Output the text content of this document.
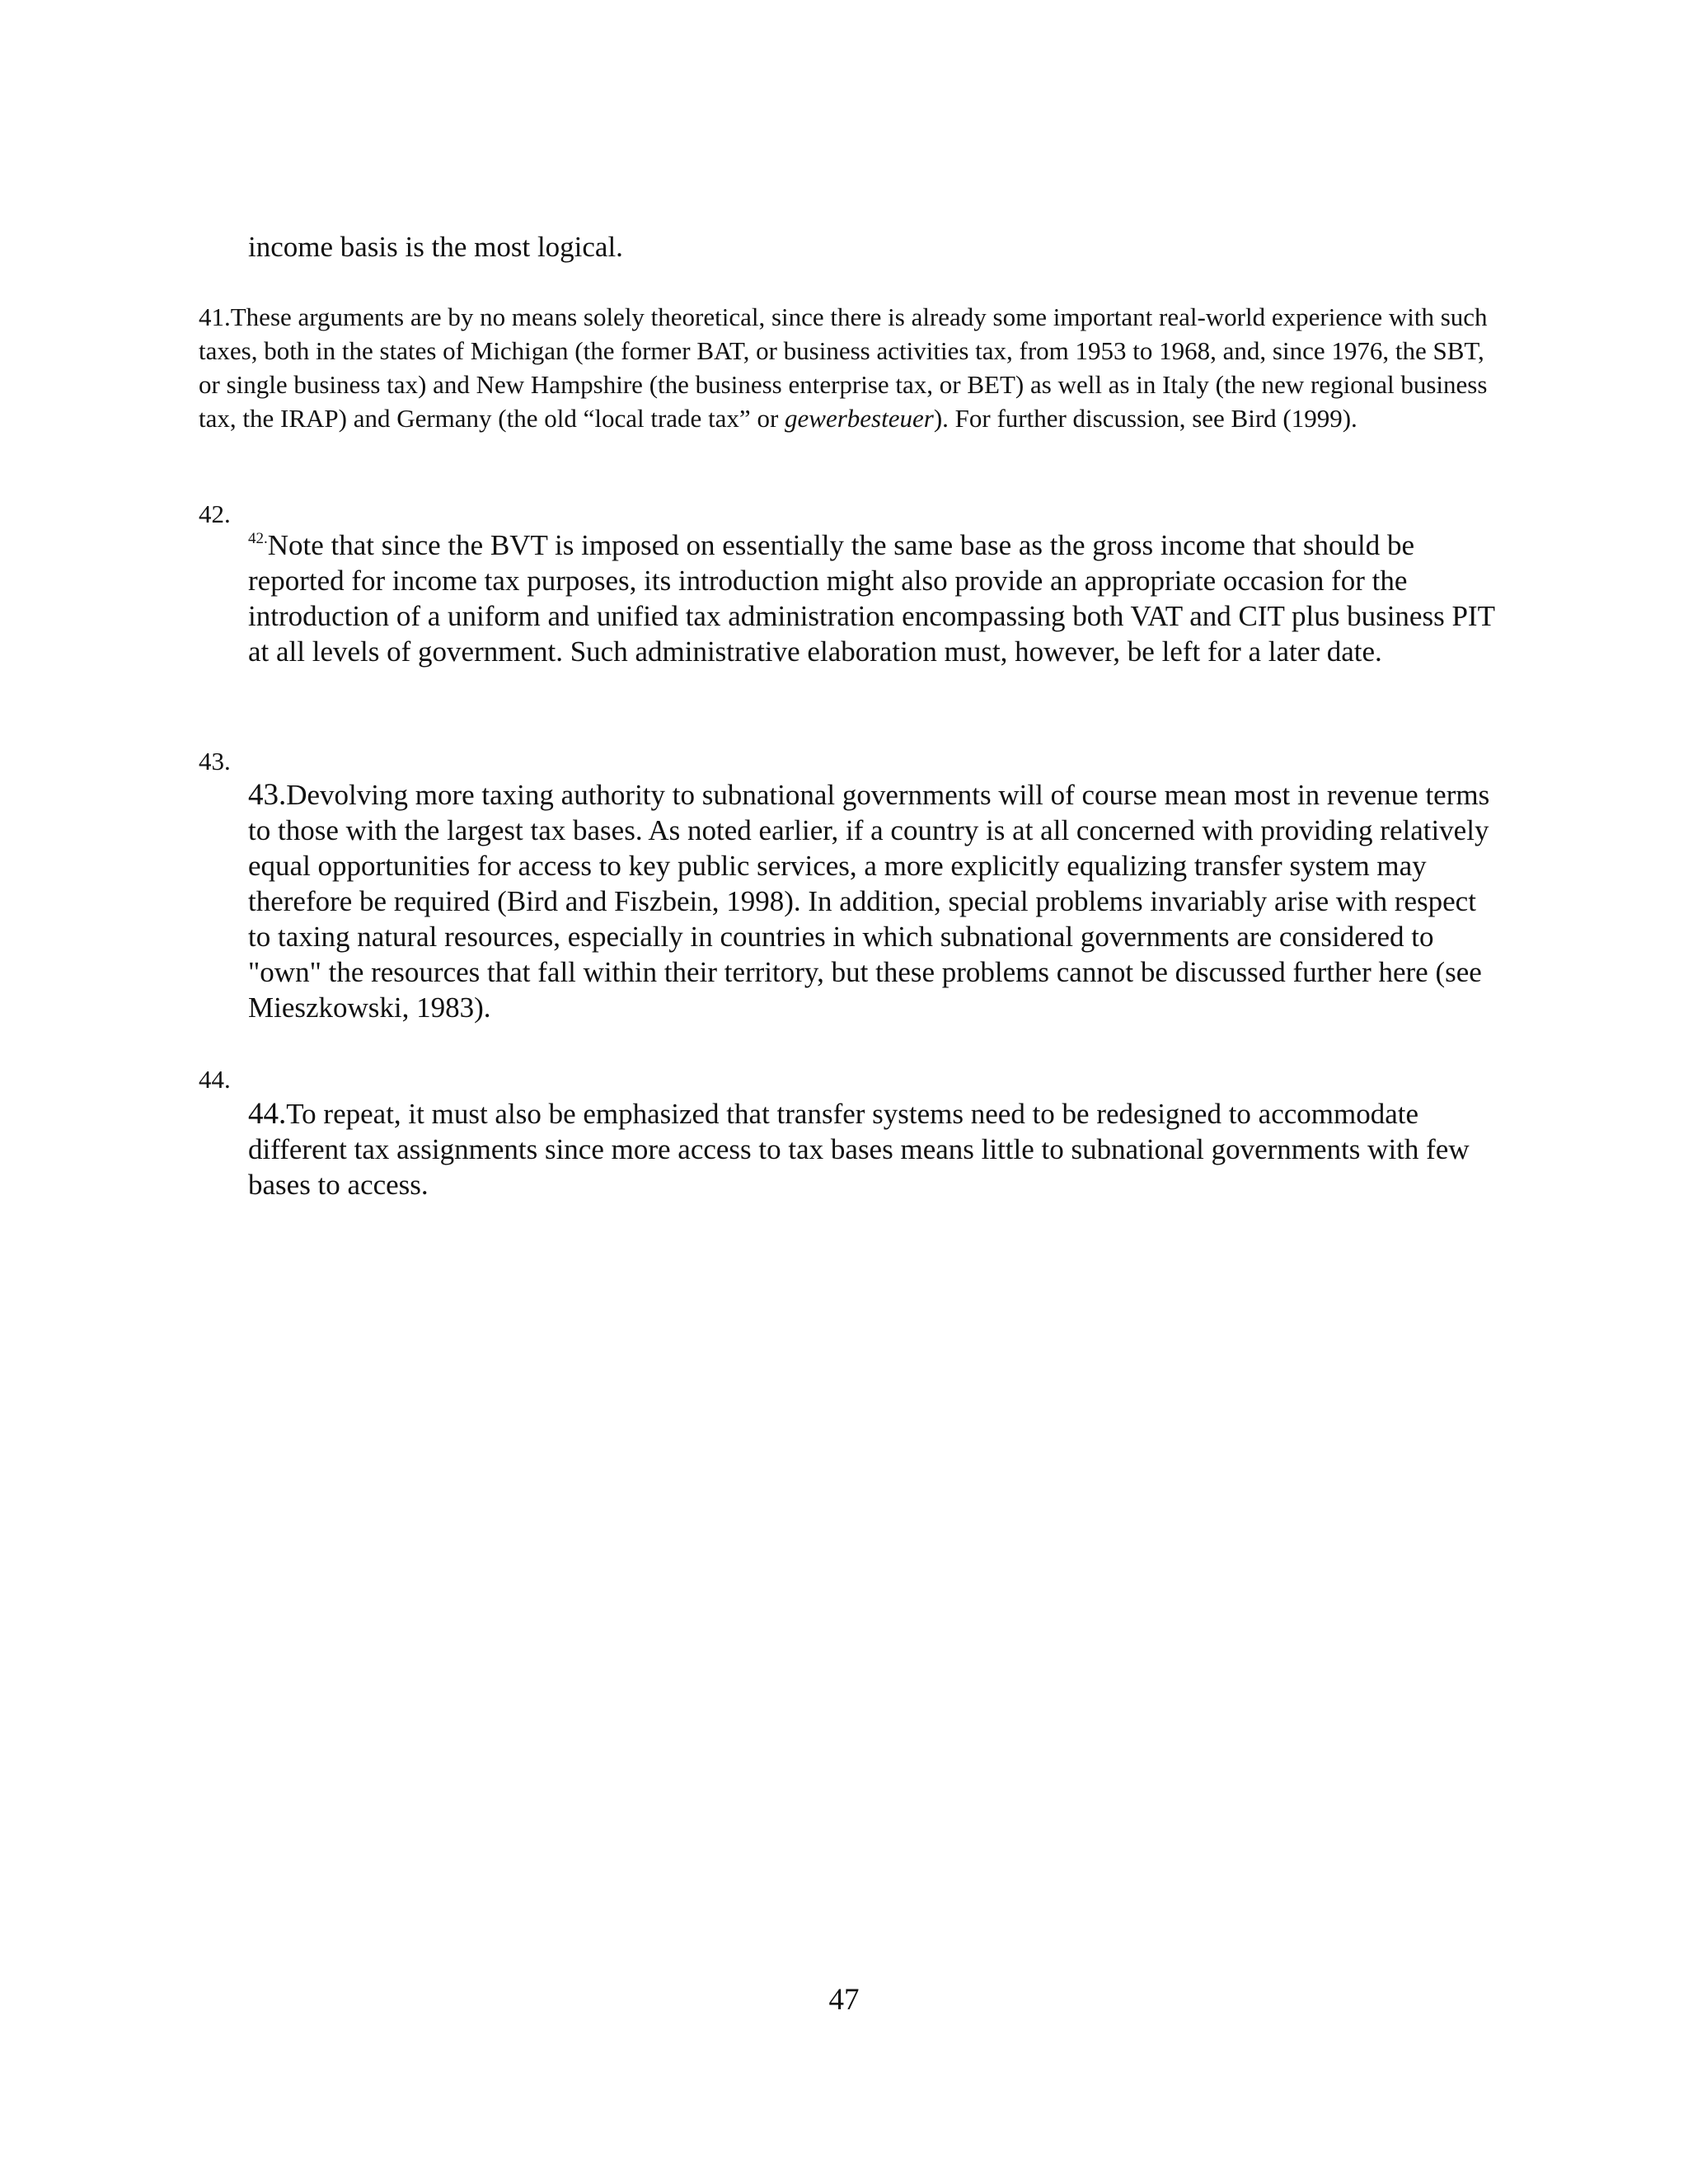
income basis is the most logical.

41.These arguments are by no means solely theoretical, since there is already some important real-world experience with such taxes, both in the states of Michigan (the former BAT, or business activities tax, from 1953 to 1968, and, since 1976, the SBT, or single business tax) and New Hampshire (the business enterprise tax, or BET) as well as in Italy (the new regional business tax, the IRAP) and Germany (the old “local trade tax” or gewerbesteuer). For further discussion, see Bird (1999).

42.

$^{42.}$Note that since the BVT is imposed on essentially the same base as the gross income that should be reported for income tax purposes, its introduction might also provide an appropriate occasion for the introduction of a uniform and unified tax administration encompassing both VAT and CIT plus business PIT at all levels of government. Such administrative elaboration must, however, be left for a later date.

43.

43.Devolving more taxing authority to subnational governments will of course mean most in revenue terms to those with the largest tax bases. As noted earlier, if a country is at all concerned with providing relatively equal opportunities for access to key public services, a more explicitly equalizing transfer system may therefore be required (Bird and Fiszbein, 1998). In addition, special problems invariably arise with respect to taxing natural resources, especially in countries in which subnational governments are considered to "own" the resources that fall within their territory, but these problems cannot be discussed further here (see Mieszkowski, 1983).

44.

44.To repeat, it must also be emphasized that transfer systems need to be redesigned to accommodate different tax assignments since more access to tax bases means little to subnational governments with few bases to access.

47
